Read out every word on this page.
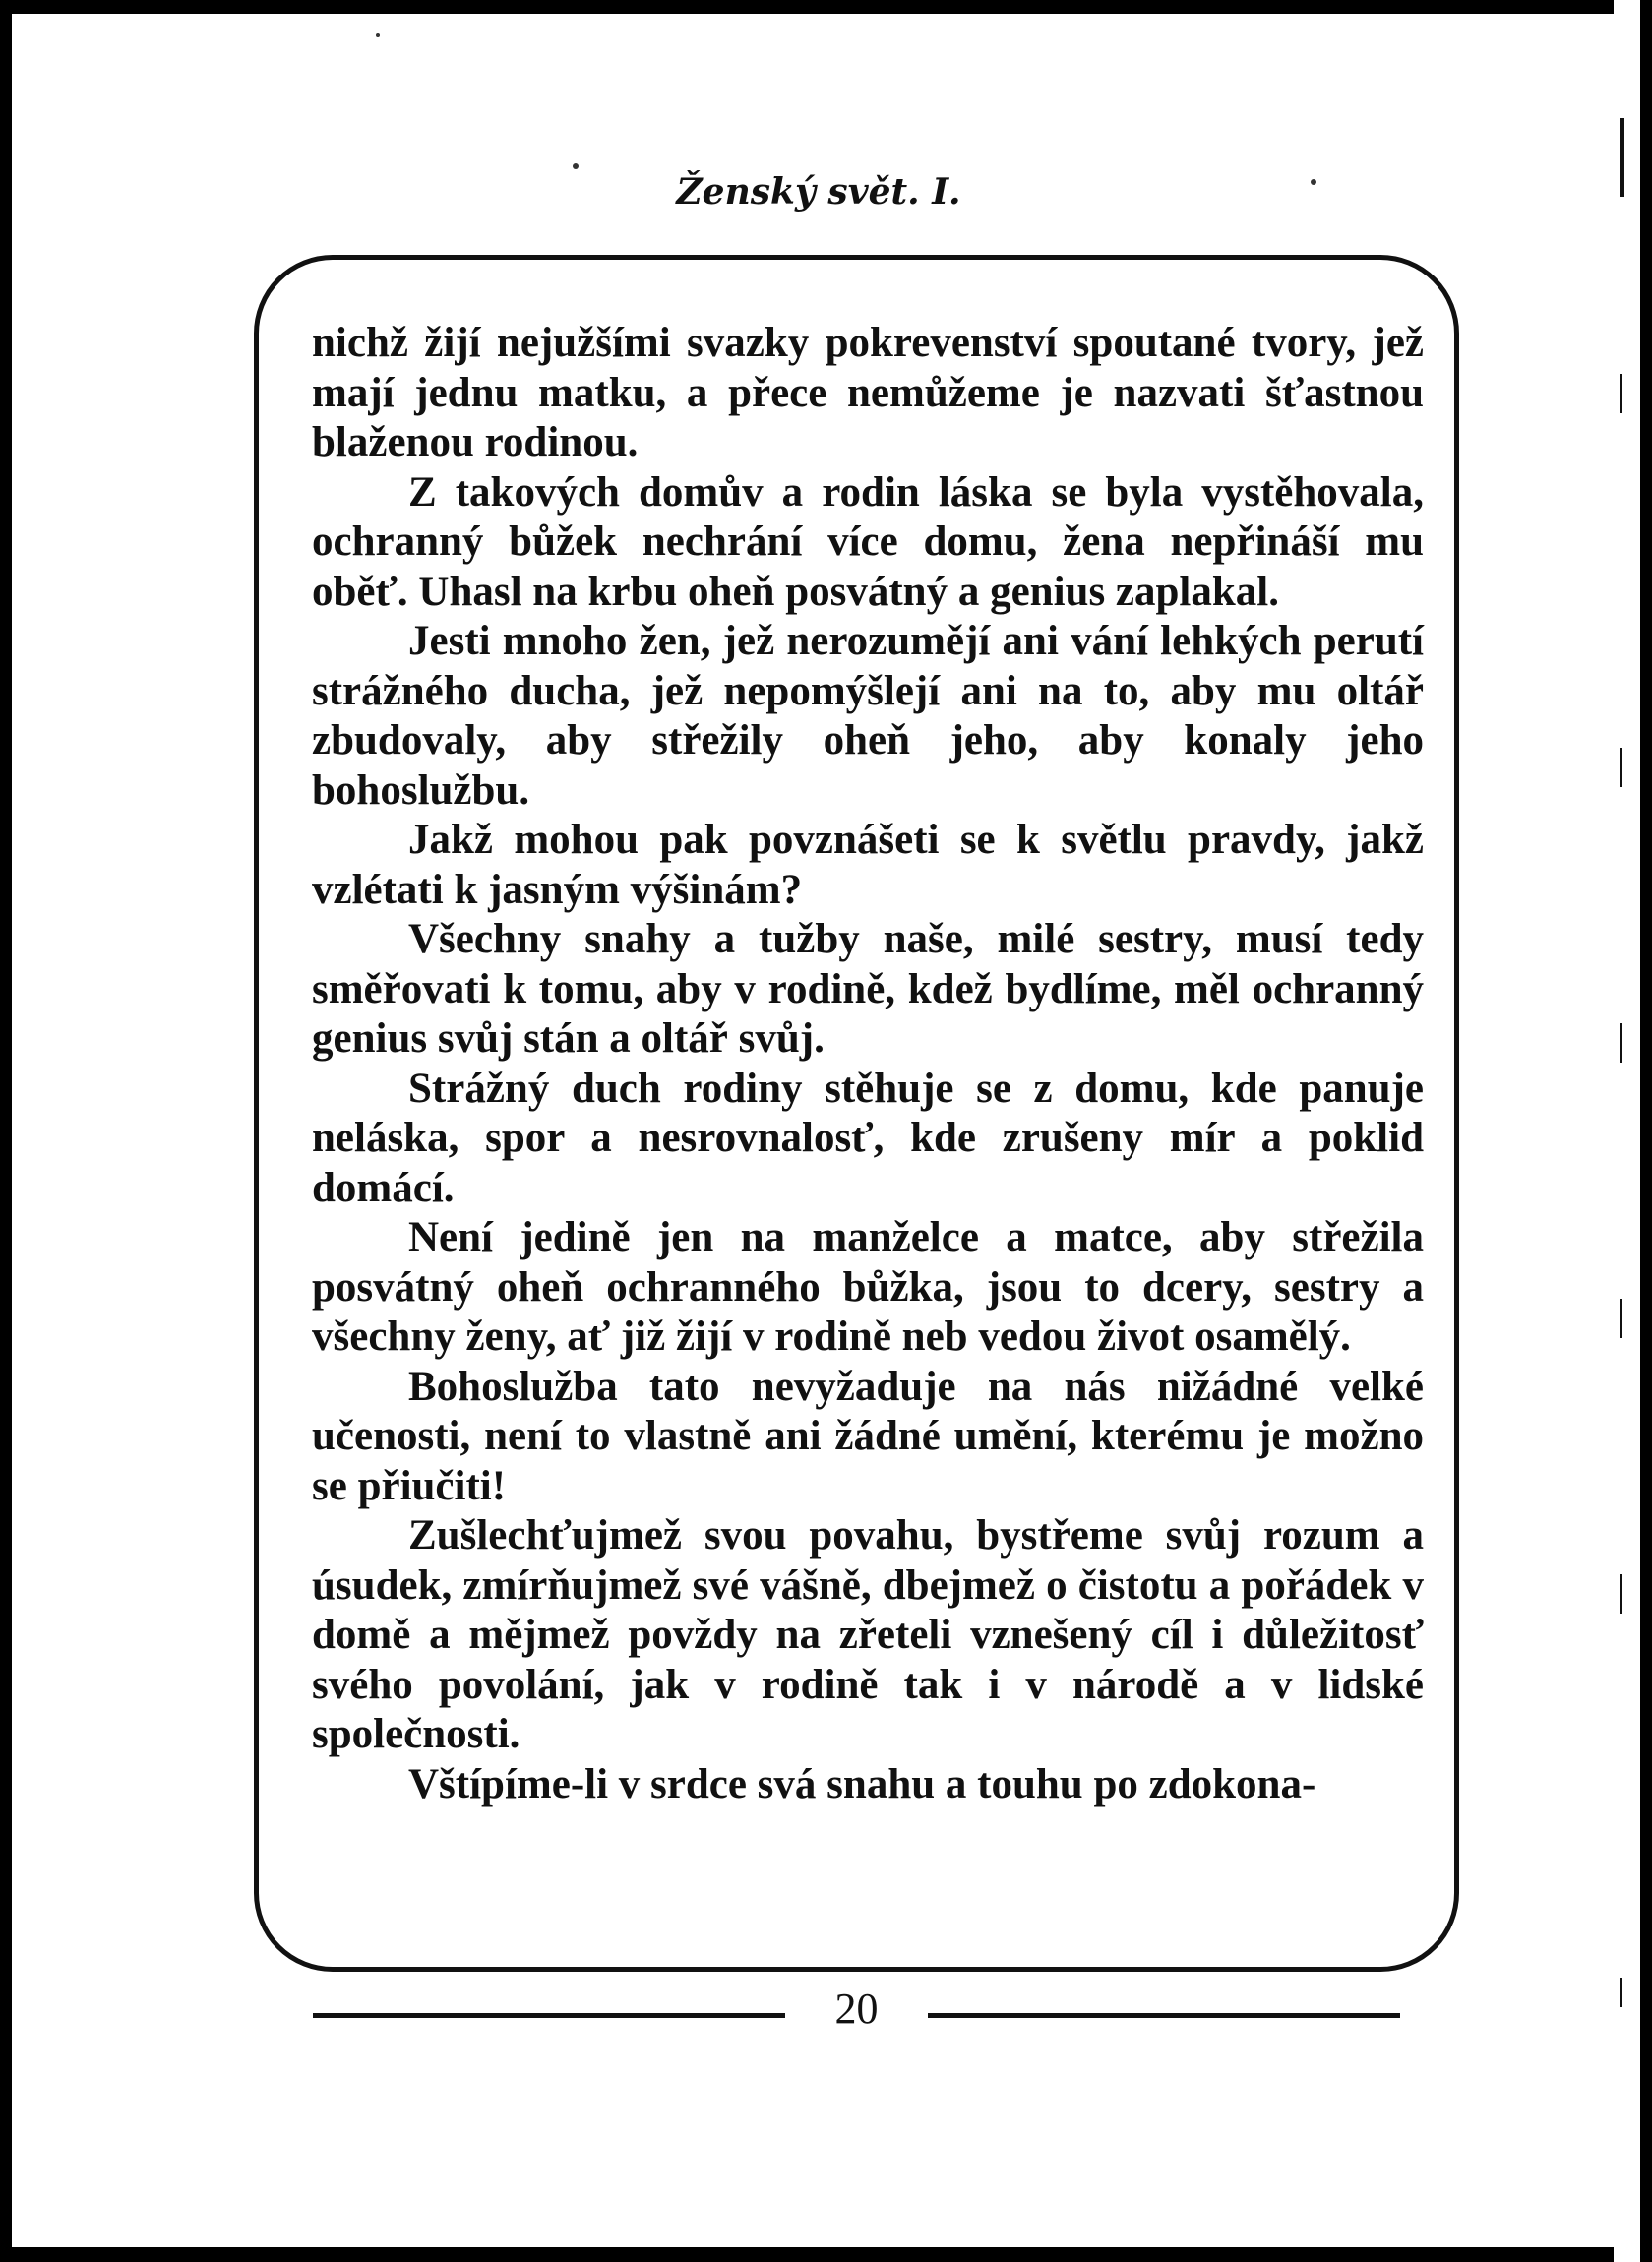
Ženský svět. I.

nichž žijí nejužšími svazky pokrevenství spoutané tvory, jež mají jednu matku, a přece nemůžeme je nazvati šťastnou blaženou rodinou.

Z takových domův a rodin láska se byla vystěhovala, ochranný bůžek nechrání více domu, žena nepřináší mu oběť. Uhasl na krbu oheň posvátný a genius zaplakal.

Jesti mnoho žen, jež nerozumějí ani vání lehkých perutí strážného ducha, jež nepomýšlejí ani na to, aby mu oltář zbudovaly, aby střežily oheň jeho, aby konaly jeho bohoslužbu.

Jakž mohou pak povznášeti se k světlu pravdy, jakž vzlétati k jasným výšinám?

Všechny snahy a tužby naše, milé sestry, musí tedy směřovati k tomu, aby v rodině, kdež bydlíme, měl ochranný genius svůj stán a oltář svůj.

Strážný duch rodiny stěhuje se z domu, kde panuje neláska, spor a nesrovnalosť, kde zrušeny mír a poklid domácí.

Není jedině jen na manželce a matce, aby střežila posvátný oheň ochranného bůžka, jsou to dcery, sestry a všechny ženy, ať již žijí v rodině neb vedou život osamělý.

Bohoslužba tato nevyžaduje na nás nižádné velké učenosti, není to vlastně ani žádné umění, kterému je možno se přiučiti!

Zušlechťujmež svou povahu, bystřeme svůj rozum a úsudek, zmírňujmež své vášně, dbejmež o čistotu a pořádek v domě a mějmež povždy na zřeteli vznešený cíl i důležitosť svého povolání, jak v rodině tak i v národě a v lidské společnosti.

Vštípíme-li v srdce svá snahu a touhu po zdokona-

20
